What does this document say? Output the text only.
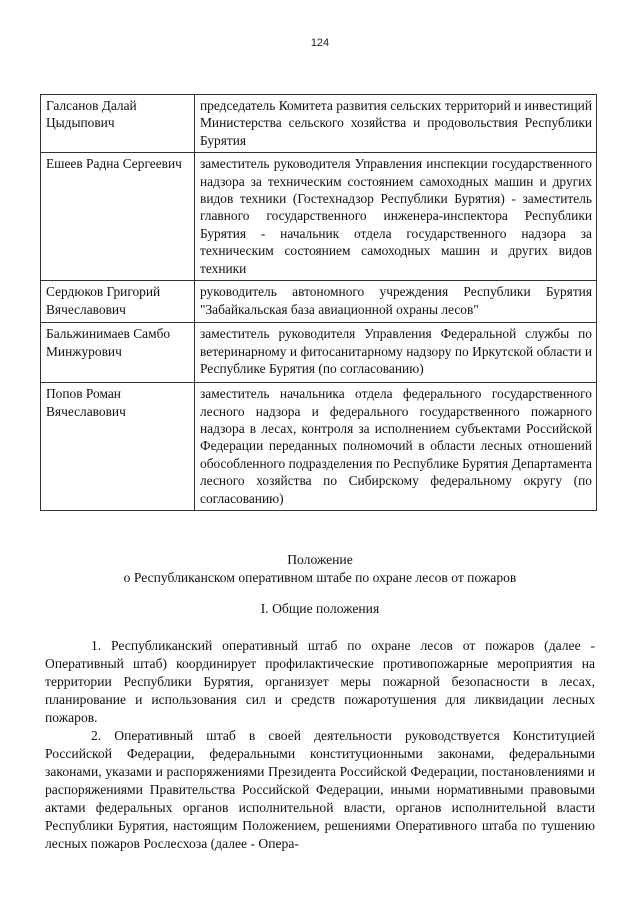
124
Галсанов Далай Цыдыпович	председатель Комитета развития сельских территорий и инвестиций Министерства сельского хозяйства и продовольствия Республики Бурятия
Ешеев Радна Сергеевич	заместитель руководителя Управления инспекции государственного надзора за техническим состоянием самоходных машин и других видов техники (Гостехнадзор Республики Бурятия) - заместитель главного государственного инженера-инспектора Республики Бурятия - начальник отдела государственного надзора за техническим состоянием самоходных машин и других видов техники
Сердюков Григорий Вячеславович	руководитель автономного учреждения Республики Бурятия "Забайкальская база авиационной охраны лесов"
Бальжинимаев Самбо Минжурович	заместитель руководителя Управления Федеральной службы по ветеринарному и фитосанитарному надзору по Иркутской области и Республике Бурятия (по согласованию)
Попов Роман Вячеславович	заместитель начальника отдела федерального государственного лесного надзора и федерального государственного пожарного надзора в лесах, контроля за исполнением субъектами Российской Федерации переданных полномочий в области лесных отношений обособленного подразделения по Республике Бурятия Департамента лесного хозяйства по Сибирскому федеральному округу (по согласованию)
Положение
о Республиканском оперативном штабе по охране лесов от пожаров
I. Общие положения

1. Республиканский оперативный штаб по охране лесов от пожаров (далее - Оперативный штаб) координирует профилактические противопожарные мероприятия на территории Республики Бурятия, организует меры пожарной безопасности в лесах, планирование и использования сил и средств пожаротушения для ликвидации лесных пожаров.

2. Оперативный штаб в своей деятельности руководствуется Конституцией Российской Федерации, федеральными конституционными законами, федеральными законами, указами и распоряжениями Президента Российской Федерации, постановлениями и распоряжениями Правительства Российской Федерации, иными нормативными правовыми актами федеральных органов исполнительной власти, органов исполнительной власти Республики Бурятия, настоящим Положением, решениями Оперативного штаба по тушению лесных пожаров Рослесхоза (далее - Опера-
